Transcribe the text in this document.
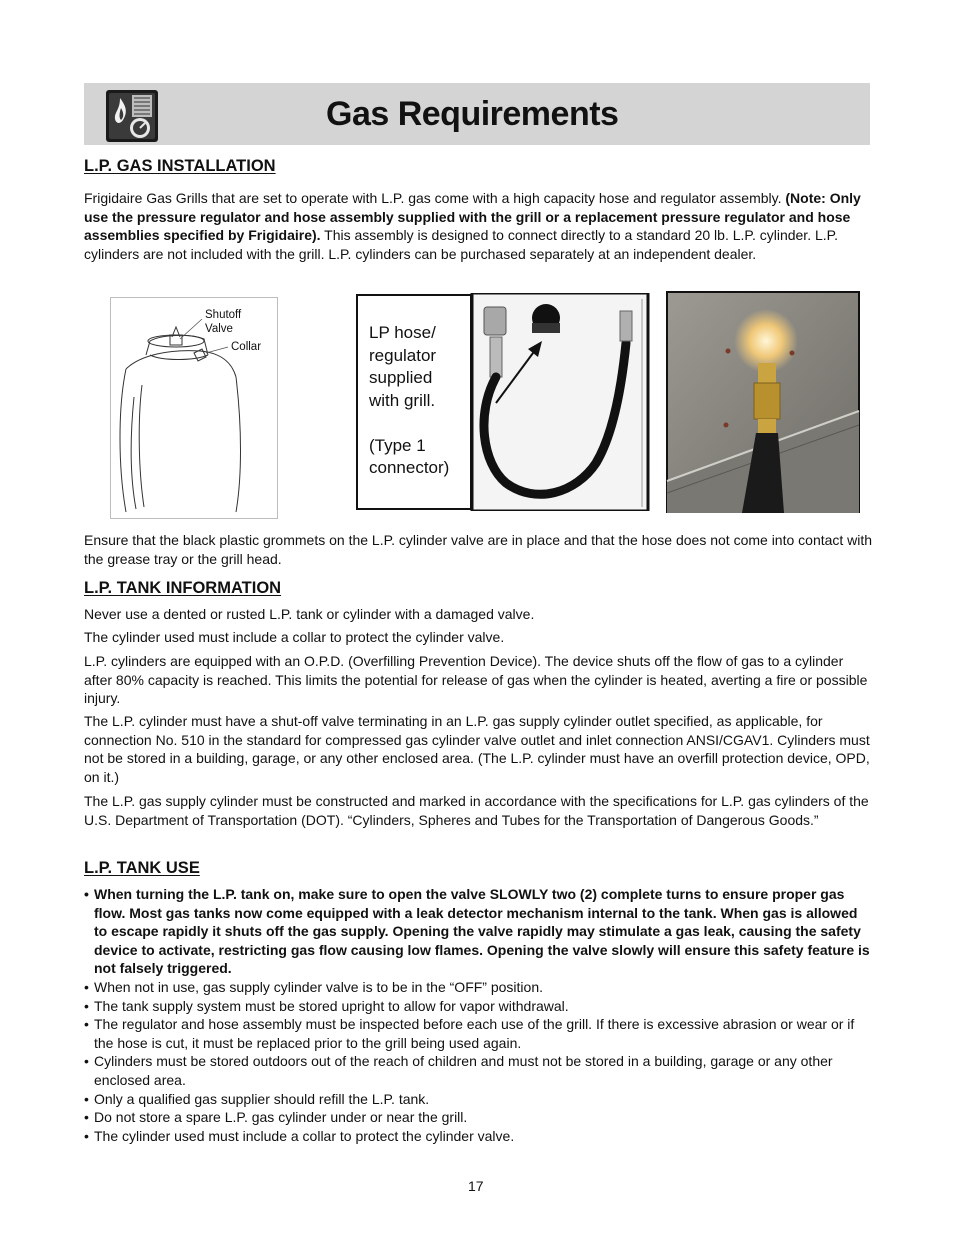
Gas Requirements
L.P. GAS INSTALLATION
Frigidaire Gas Grills that are set to operate with L.P. gas come with a high capacity hose and regulator assembly. (Note: Only use the pressure regulator and hose assembly supplied with the grill or a replacement pressure regulator and hose assemblies specified by Frigidaire). This assembly is designed to connect directly to a standard 20 lb. L.P. cylinder. L.P. cylinders are not included with the grill. L.P. cylinders can be purchased separately at an independent dealer.
Shutoff
Valve
Collar
LP hose/
regulator
supplied
with grill.
(Type 1
connector)
Ensure that the black plastic grommets on the L.P. cylinder valve are in place and that the hose does not come into contact with the grease tray or the grill head.
L.P. TANK INFORMATION
Never use a dented or rusted L.P. tank or cylinder with a damaged valve.
The cylinder used must include a collar to protect the cylinder valve.
L.P. cylinders are equipped with an O.P.D. (Overfilling Prevention Device). The device shuts off the flow of gas to a cylinder after 80% capacity is reached. This limits the potential for release of gas when the cylinder is heated, averting a fire or possible injury.
The L.P. cylinder must have a shut-off valve terminating in an L.P. gas supply cylinder outlet specified, as applicable, for connection No. 510 in the standard for compressed gas cylinder valve outlet and inlet connection ANSI/CGAV1. Cylinders must not be stored in a building, garage, or any other enclosed area. (The L.P. cylinder must have an overfill protection device, OPD, on it.)
The L.P. gas supply cylinder must be constructed and marked in accordance with the specifications for L.P. gas cylinders of the U.S. Department of Transportation (DOT). “Cylinders, Spheres and Tubes for the Transportation of Dangerous Goods.”
L.P. TANK USE
• When turning the L.P. tank on, make sure to open the valve SLOWLY two (2) complete turns to ensure proper gas flow. Most gas tanks now come equipped with a leak detector mechanism internal to the tank. When gas is allowed to escape rapidly it shuts off the gas supply. Opening the valve rapidly may stimulate a gas leak, causing the safety device to activate, restricting gas flow causing low flames. Opening the valve slowly will ensure this safety feature is not falsely triggered.
• When not in use, gas supply cylinder valve is to be in the “OFF” position.
• The tank supply system must be stored upright to allow for vapor withdrawal.
• The regulator and hose assembly must be inspected before each use of the grill. If there is excessive abrasion or wear or if the hose is cut, it must be replaced prior to the grill being used again.
• Cylinders must be stored outdoors out of the reach of children and must not be stored in a building, garage or any other enclosed area.
• Only a qualified gas supplier should refill the L.P. tank.
• Do not store a spare L.P. gas cylinder under or near the grill.
• The cylinder used must include a collar to protect the cylinder valve.
17
